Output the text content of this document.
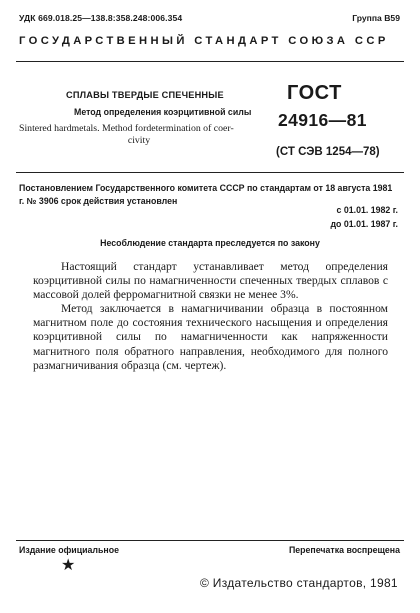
УДК 669.018.25—138.8:358.248:006.354	Группа В59
ГОСУДАРСТВЕННЫЙ СТАНДАРТ СОЮЗА ССР
СПЛАВЫ ТВЕРДЫЕ СПЕЧЕННЫЕ
Метод определения коэрцитивной силы
Sintered hardmetals. Method fordetermination of coer-
civity
ГОСТ
24916—81
(СТ СЭВ 1254—78)
Постановлением Государственного комитета СССР по стандартам от 18 августа 1981 г. № 3906 срок действия установлен
с 01.01. 1982 г.
до 01.01. 1987 г.
Несоблюдение стандарта преследуется по закону

Настоящий стандарт устанавливает метод определения коэрцитивной силы по намагниченности спеченных твердых сплавов с массовой долей ферромагнитной связки не менее 3%.

Метод заключается в намагничивании образца в постоянном магнитном поле до состояния технического насыщения и определения коэрцитивной силы по намагниченности как напряженности магнитного поля обратного направления, необходимого для полного размагничивания образца (см. чертеж).

Издание официальное	Перепечатка воспрещена
★
© Издательство стандартов, 1981
